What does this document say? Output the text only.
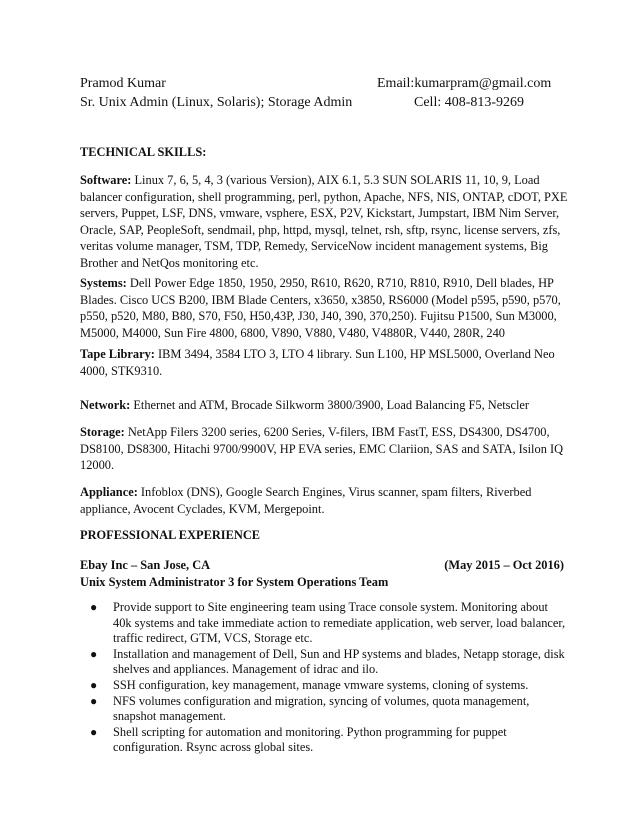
Pramod Kumar	Email:kumarpram@gmail.com
Sr. Unix Admin (Linux, Solaris); Storage Admin	Cell: 408-813-9269
TECHNICAL SKILLS:
Software: Linux 7, 6, 5, 4, 3 (various Version), AIX 6.1, 5.3 SUN SOLARIS 11, 10, 9, Load balancer configuration, shell programming, perl, python, Apache, NFS, NIS, ONTAP, cDOT, PXE servers, Puppet, LSF, DNS, vmware, vsphere, ESX, P2V, Kickstart, Jumpstart, IBM Nim Server, Oracle, SAP, PeopleSoft, sendmail, php, httpd, mysql, telnet, rsh, sftp, rsync, license servers, zfs, veritas volume manager, TSM, TDP, Remedy, ServiceNow incident management systems, Big Brother and NetQos monitoring etc.
Systems: Dell Power Edge 1850, 1950, 2950, R610, R620, R710, R810, R910, Dell blades, HP Blades. Cisco UCS B200, IBM Blade Centers, x3650, x3850, RS6000 (Model p595, p590, p570, p550, p520, M80, B80, S70, F50, H50,43P, J30, J40, 390, 370,250). Fujitsu P1500, Sun M3000, M5000, M4000, Sun Fire 4800, 6800, V890, V880, V480, V4880R, V440, 280R, 240
Tape Library: IBM 3494, 3584 LTO 3, LTO 4 library. Sun L100, HP MSL5000, Overland Neo 4000, STK9310.
Network: Ethernet and ATM, Brocade Silkworm 3800/3900, Load Balancing F5, Netscler
Storage: NetApp Filers 3200 series, 6200 Series, V-filers, IBM FastT, ESS, DS4300, DS4700, DS8100, DS8300, Hitachi 9700/9900V, HP EVA series, EMC Clariion, SAS and SATA, Isilon IQ 12000.
Appliance: Infoblox (DNS), Google Search Engines, Virus scanner, spam filters, Riverbed appliance, Avocent Cyclades, KVM, Mergepoint.
PROFESSIONAL EXPERIENCE
Ebay Inc – San Jose, CA	(May 2015 – Oct 2016)
Unix System Administrator 3 for System Operations Team
● Provide support to Site engineering team using Trace console system. Monitoring about 40k systems and take immediate action to remediate application, web server, load balancer, traffic redirect, GTM, VCS, Storage etc.
● Installation and management of Dell, Sun and HP systems and blades, Netapp storage, disk shelves and appliances. Management of idrac and ilo.
● SSH configuration, key management, manage vmware systems, cloning of systems.
● NFS volumes configuration and migration, syncing of volumes, quota management, snapshot management.
● Shell scripting for automation and monitoring. Python programming for puppet configuration. Rsync across global sites.
